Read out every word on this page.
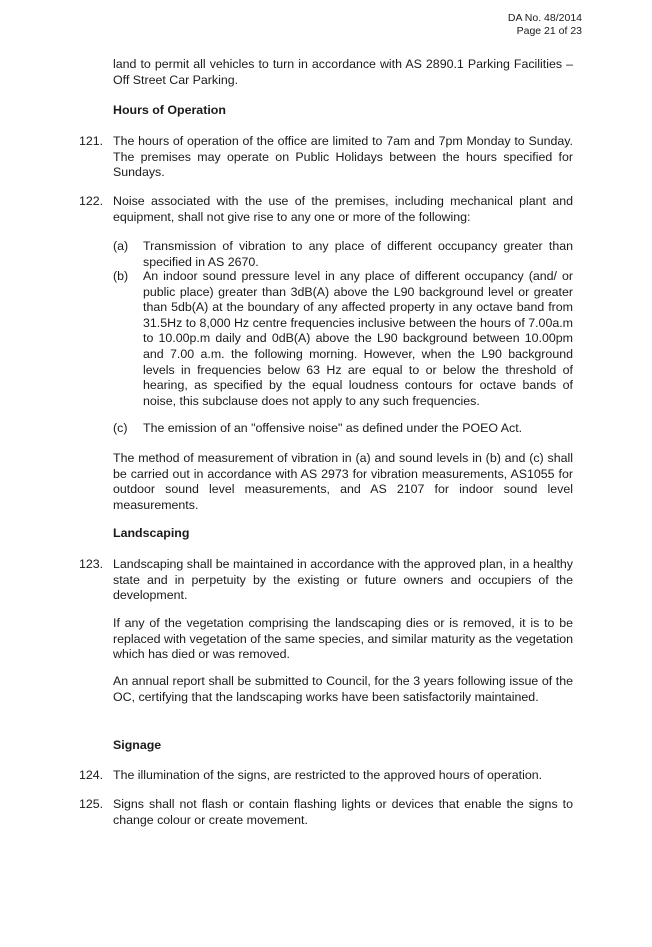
DA No. 48/2014
Page 21 of 23
land to permit all vehicles to turn in accordance with AS 2890.1 Parking Facilities – Off Street Car Parking.
Hours of Operation
121. The hours of operation of the office are limited to 7am and 7pm Monday to Sunday. The premises may operate on Public Holidays between the hours specified for Sundays.
122. Noise associated with the use of the premises, including mechanical plant and equipment, shall not give rise to any one or more of the following:
(a) Transmission of vibration to any place of different occupancy greater than specified in AS 2670.
(b) An indoor sound pressure level in any place of different occupancy (and/ or public place) greater than 3dB(A) above the L90 background level or greater than 5db(A) at the boundary of any affected property in any octave band from 31.5Hz to 8,000 Hz centre frequencies inclusive between the hours of 7.00a.m to 10.00p.m daily and 0dB(A) above the L90 background between 10.00pm and 7.00 a.m. the following morning. However, when the L90 background levels in frequencies below 63 Hz are equal to or below the threshold of hearing, as specified by the equal loudness contours for octave bands of noise, this subclause does not apply to any such frequencies.
(c) The emission of an "offensive noise" as defined under the POEO Act.
The method of measurement of vibration in (a) and sound levels in (b) and (c) shall be carried out in accordance with AS 2973 for vibration measurements, AS1055 for outdoor sound level measurements, and AS 2107 for indoor sound level measurements.
Landscaping
123. Landscaping shall be maintained in accordance with the approved plan, in a healthy state and in perpetuity by the existing or future owners and occupiers of the development.
If any of the vegetation comprising the landscaping dies or is removed, it is to be replaced with vegetation of the same species, and similar maturity as the vegetation which has died or was removed.
An annual report shall be submitted to Council, for the 3 years following issue of the OC, certifying that the landscaping works have been satisfactorily maintained.
Signage
124. The illumination of the signs, are restricted to the approved hours of operation.
125. Signs shall not flash or contain flashing lights or devices that enable the signs to change colour or create movement.
